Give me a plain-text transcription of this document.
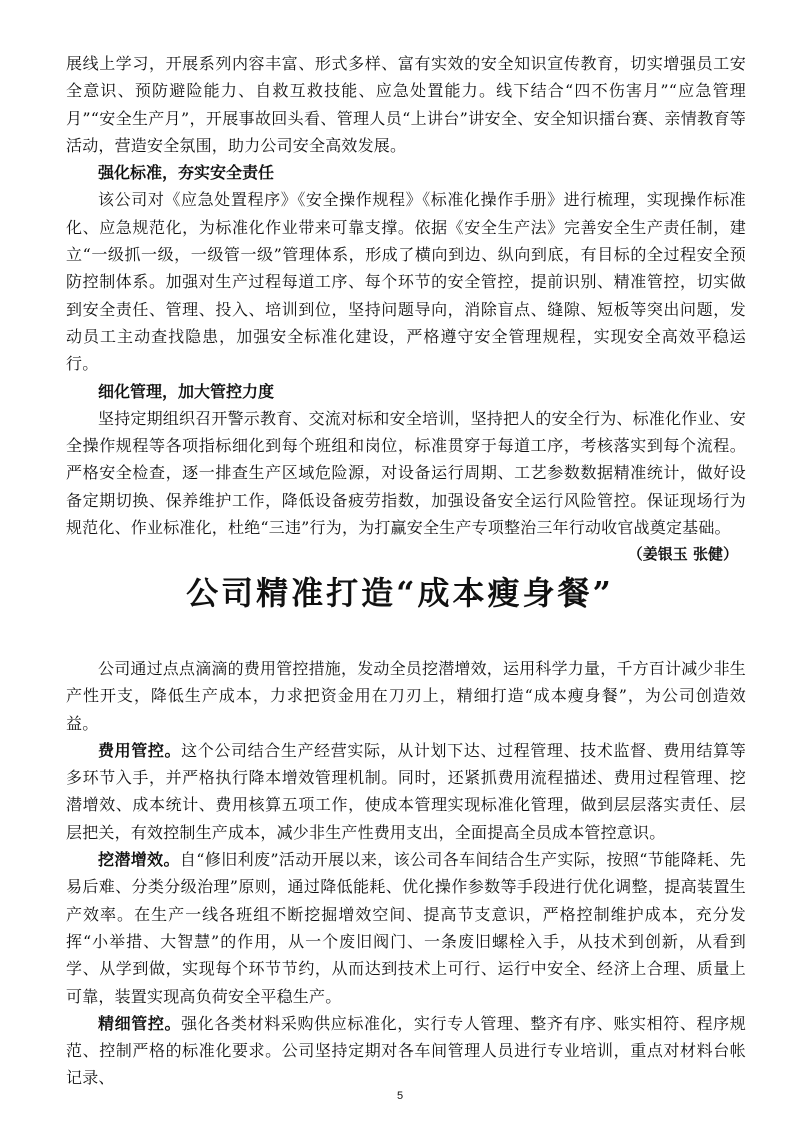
展线上学习，开展系列内容丰富、形式多样、富有实效的安全知识宣传教育，切实增强员工安全意识、预防避险能力、自救互救技能、应急处置能力。线下结合“四不伤害月”“应急管理月”“安全生产月”，开展事故回头看、管理人员“上讲台”讲安全、安全知识擂台赛、亲情教育等活动，营造安全氛围，助力公司安全高效发展。

强化标准，夯实安全责任

该公司对《应急处置程序》《安全操作规程》《标准化操作手册》进行梳理，实现操作标准化、应急规范化，为标准化作业带来可靠支撑。依据《安全生产法》完善安全生产责任制，建立“一级抓一级，一级管一级”管理体系，形成了横向到边、纵向到底，有目标的全过程安全预防控制体系。加强对生产过程每道工序、每个环节的安全管控，提前识别、精准管控，切实做到安全责任、管理、投入、培训到位，坚持问题导向，消除盲点、缝隙、短板等突出问题，发动员工主动查找隐患，加强安全标准化建设，严格遵守安全管理规程，实现安全高效平稳运行。

细化管理，加大管控力度

坚持定期组织召开警示教育、交流对标和安全培训，坚持把人的安全行为、标准化作业、安全操作规程等各项指标细化到每个班组和岗位，标准贯穿于每道工序，考核落实到每个流程。严格安全检查，逐一排查生产区域危险源，对设备运行周期、工艺参数数据精准统计，做好设备定期切换、保养维护工作，降低设备疲劳指数，加强设备安全运行风险管控。保证现场行为规范化、作业标准化，杜绝“三违”行为，为打赢安全生产专项整治三年行动收官战奠定基础。

（姜银玉 张健）
公司精准打造“成本瘦身餐”

公司通过点点滴滴的费用管控措施，发动全员挖潜增效，运用科学力量，千方百计减少非生产性开支，降低生产成本，力求把资金用在刀刃上，精细打造“成本瘦身餐”，为公司创造效益。

费用管控。这个公司结合生产经营实际，从计划下达、过程管理、技术监督、费用结算等多环节入手，并严格执行降本增效管理机制。同时，还紧抓费用流程描述、费用过程管理、挖潜增效、成本统计、费用核算五项工作，使成本管理实现标准化管理，做到层层落实责任、层层把关，有效控制生产成本，减少非生产性费用支出，全面提高全员成本管控意识。

挖潜增效。自“修旧利废”活动开展以来，该公司各车间结合生产实际，按照“节能降耗、先易后难、分类分级治理”原则，通过降低能耗、优化操作参数等手段进行优化调整，提高装置生产效率。在生产一线各班组不断挖掘增效空间、提高节支意识，严格控制维护成本，充分发挥“小举措、大智慧”的作用，从一个废旧阀门、一条废旧螺栓入手，从技术到创新，从看到学、从学到做，实现每个环节节约，从而达到技术上可行、运行中安全、经济上合理、质量上可靠，装置实现高负荷安全平稳生产。

精细管控。强化各类材料采购供应标准化，实行专人管理、整齐有序、账实相符、程序规范、控制严格的标准化要求。公司坚持定期对各车间管理人员进行专业培训，重点对材料台帐记录、

5
